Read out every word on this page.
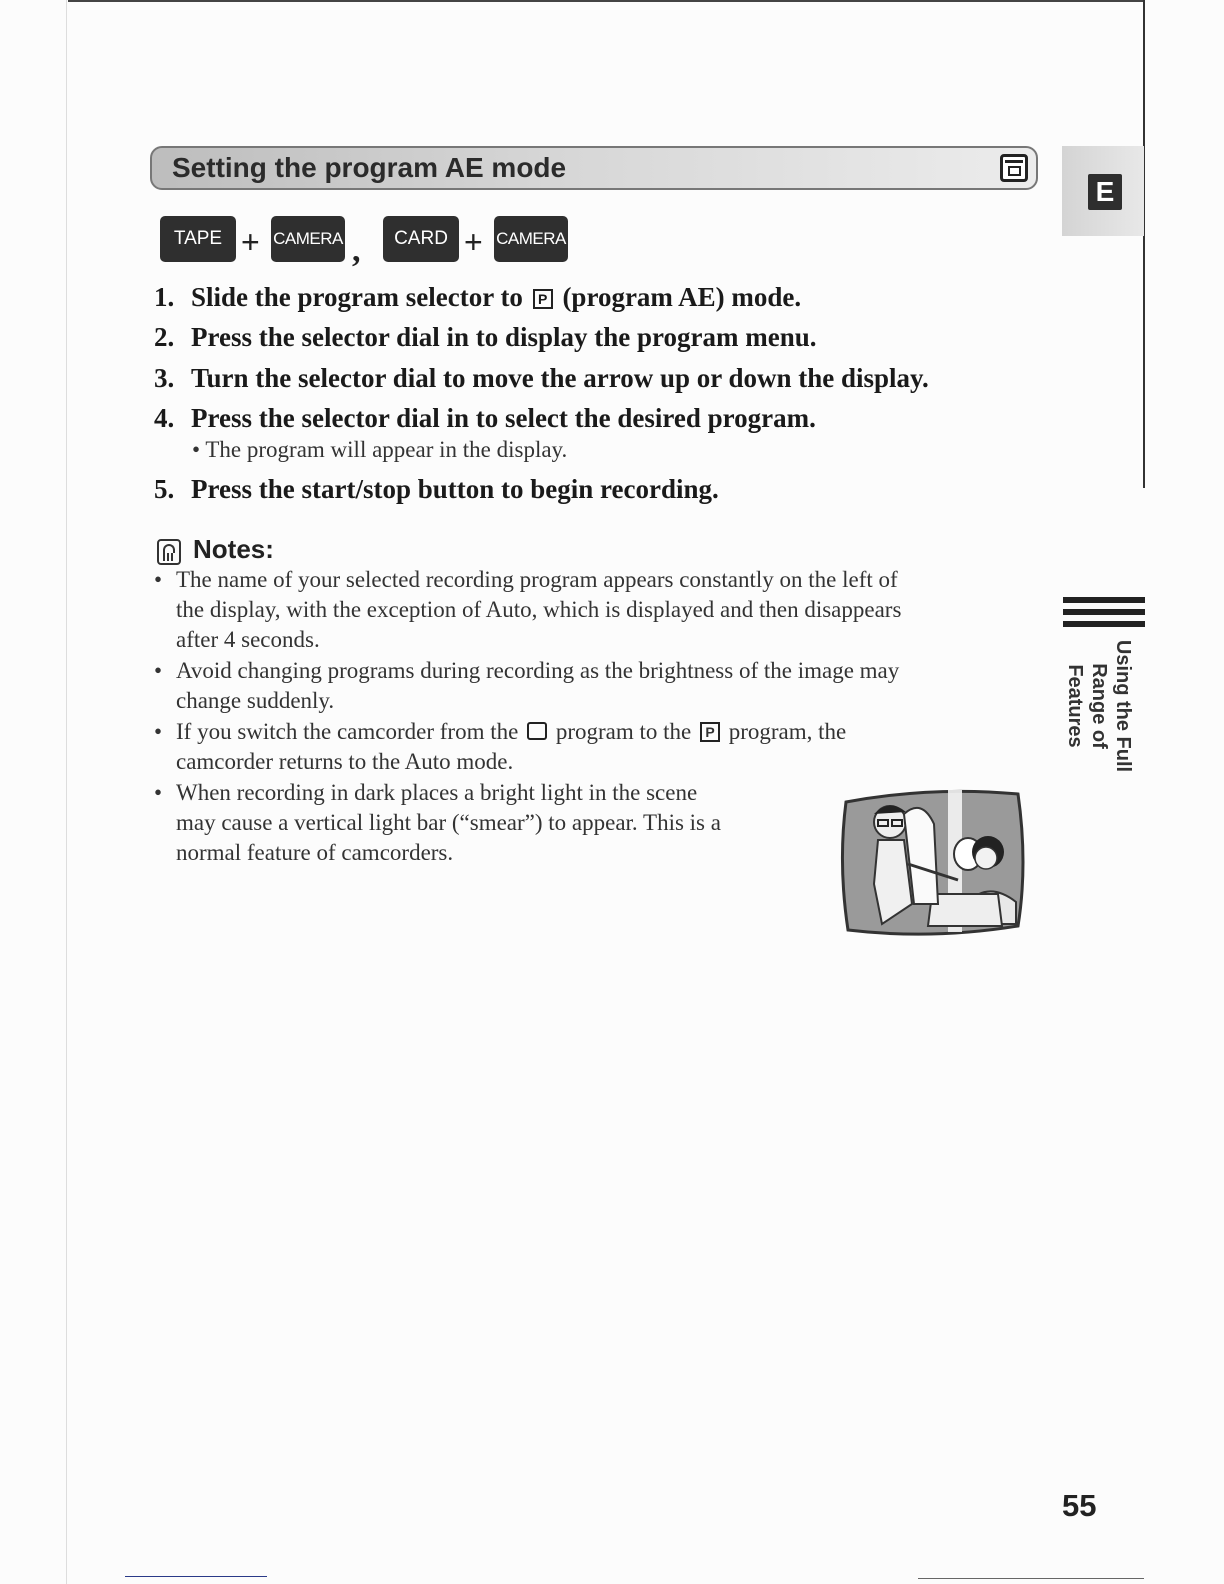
Setting the program AE mode
E
TAPE + CAMERA ,	CARD + CAMERA
1. Slide the program selector to P (program AE) mode.
2. Press the selector dial in to display the program menu.
3. Turn the selector dial to move the arrow up or down the display.
4. Press the selector dial in to select the desired program.
• The program will appear in the display.
5. Press the start/stop button to begin recording.
Notes:
• The name of your selected recording program appears constantly on the left of
the display, with the exception of Auto, which is displayed and then disappears
after 4 seconds.
• Avoid changing programs during recording as the brightness of the image may
change suddenly.
• If you switch the camcorder from the program to the P program, the
camcorder returns to the Auto mode.
• When recording in dark places a bright light in the scene
may cause a vertical light bar (“smear”) to appear. This is a
normal feature of camcorders.
Using the Full
Range of Features
55
